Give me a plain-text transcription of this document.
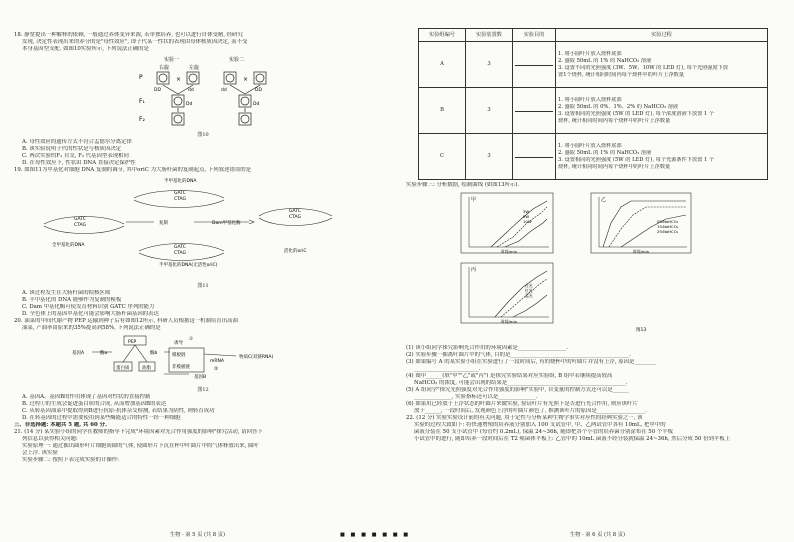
18. 静宽提出一种解释的依赖, 一般通过养体变异来源, 若单独培养, 也可以进行自体受精, 经研究
发现, 决定性表现出来的养分的是"母性效应", 即子代某一性状的表现由母体核质因决定, 而不受
本身基因型支配. 如图10实验所示, 下列说法正确的是
实验一	实验二
右旋	左旋
P
F₁
F₂
×	×
DD	dd
Dd
dd	DD
Dd
图10
A. 母性效应的遗传方式不符合孟德尔分离定律
B. 该实验说明子代的性状是与核质因决定
C. 两次实验的F₁ 自交, F₂ 代基因型表现相同
D. 在母性效应下, 性状由 DNA 直接决定保护性
19. 如图11为甲基化对细胞 DNA 复制的调节, 其中oriC 为大肠杆菌的复制起点, 下列叙述错误的是
半甲基化的DNA
GATC
CTAG
GATC
CTAG
全甲基化的DNA
复制	Dam甲基化酶
GATC
CTAG
半甲基化的DNA(无活性oriC)
GATC
CTAG
活化的oriC
图11
A. 该过程发生在大肠杆菌的拟核区域
B. 半甲基化的 DNA 能够作为复制的模板
C. Dam 甲基化酶可使发育材料识别 GATC 序列的能力
D. 全色体上的基因甲基化可能会影响大肠杆菌基因的表达
20. 油菜的中间代谢产物 PEP 运输到种子后有如图12所示, 科研人员根据这一机制培育出高油
油菜, 产油率由原来的35%提高到58%, 下列说法正确的是
PEP
蛋白质	油脂
基因A	酶a	酶b
诱导
模板链
非模板链
mRNA
物质C(双链RNA)
基因B
①
②
图12
A. 基因A、基因B的作用体现了基因对性状的直接控制
B. 过程①的生成会促进蛋白质的合成, 从而增加基因B的表达
C. 从转基因油菜中提取得到B进行抗原-抗体杂交检测, 若结果为阴性, 则转育成功
D. 在转基因的过程中需要使用到某些酶能适合的特性一经一种细胞
三、非选择题: 本题共 5 题, 共 60 分.
21. (14 分) 某实验小组的同学在教师的指导下完成"环境因素对光合作用强度的影响"探究活动, 请回答下
列信息以获得相关问题:
实验原理一: 通过抽出圆形叶片细胞间隙的气体, 使圆形片下沉在杯中叶圆片中的气体释放出来, 圆叶
会上浮. 该实验
实验步骤二: 按照下表完成实验的计操作:
生物 · 第 5 页 (共 8 页)
实验组编号	实验装置数	实验目的	实验过程
A	3		1. 将小圆叶片放入烧杯底部
2. 盛取 50mL 的 1% 的 NaHCO₃ 溶液
3. 设置不同的光照强度 (3W、5W、10W 的 LED 灯), 每个光照强度下放
置1个烧杯, 统计相同时间内每个烧杯中的叶片上浮数量

B	3		1. 将小圆叶片放入烧杯底部
2. 盛取 50mL 的 0%、1%、2% 的 NaHCO₃ 溶液
3. 设置相同的光照强度 (5W 的 LED 灯), 每个浓度溶液下放置 1 个
烧杯, 统计相同时间内每个烧杯中的叶片上浮数量

C	3		1. 将小圆叶片放入烧杯底部
2. 盛取 50mL 的 1% 的 NaHCO₃ 溶液
3. 设置相同的光照强度 (5W 的 LED 灯), 每个光源条件下放置 1 个
烧杯, 统计相同时间内每个烧杯中的叶片上浮数量
实验步骤三: 分析数据, 绘制曲线 (如图13所示).
甲
3W
5W
10W
时间/min
乙
0%NaHCO₃
1%NaHCO₃
2%NaHCO₃
时间/min
丙
自光
红光
蓝光
时间/min
图13
(1) 该小组同学探究影响光合作用的环境因素是__________________.
(2) 实验步骤一抽离叶圆片中的气体, 目的是____________________________________________.
(3) 如果编号 A 的某实验小组在实验进行了一段时间后, 有的烧杯中的叶圆片并没有上浮, 原因是________
________________________.
(4) 图甲______(填"甲""乙"或"丙") 是探究实验结果对应实验组, B 组中若继续提高较高
NaHCO₃ 的浓度, 可能会出现的结果是____________________________________________.
(5) A 组同学"探究光照强度对光合作用强度的影响"实验中, 自变量的控制方式还可以是______
______________, 实验指标还可以是______________.
(6) 如果用已经放于上浮状态的叶圆片来做实验, 验证叶片有光照下是否进行光合作用, 则应该叶片
放于______, 一段时间后, 发现颜色上浮的叶圆片颜色了, 推测该叶片的原因是__________________.
22. (12 分) 实验实验设计前的有关问题, 用于定性与分析某种生物学事实对应性的经典实验之一, 该
实验的过程大致如下: 将快速增殖的培养液分别加入 100 支试管中, 甲、乙两试管中各有 10mL, 把甲中的
菌液分装在 50 支小试管中 (每管约 0.2mL), 保温 24~36h, 随即把各个小管的培养菌分别涂布在 50 个平板
小试管中的进行, 随即培养一段时间后在 T2 噬菌体平板上: 乙管中的 10mL 菌液不经分装就保温 24~36h, 然后分成 50 份到平板上
■ ■ ■ ■ ■ ■ ■	生物 · 第 6 页 (共 8 页)
